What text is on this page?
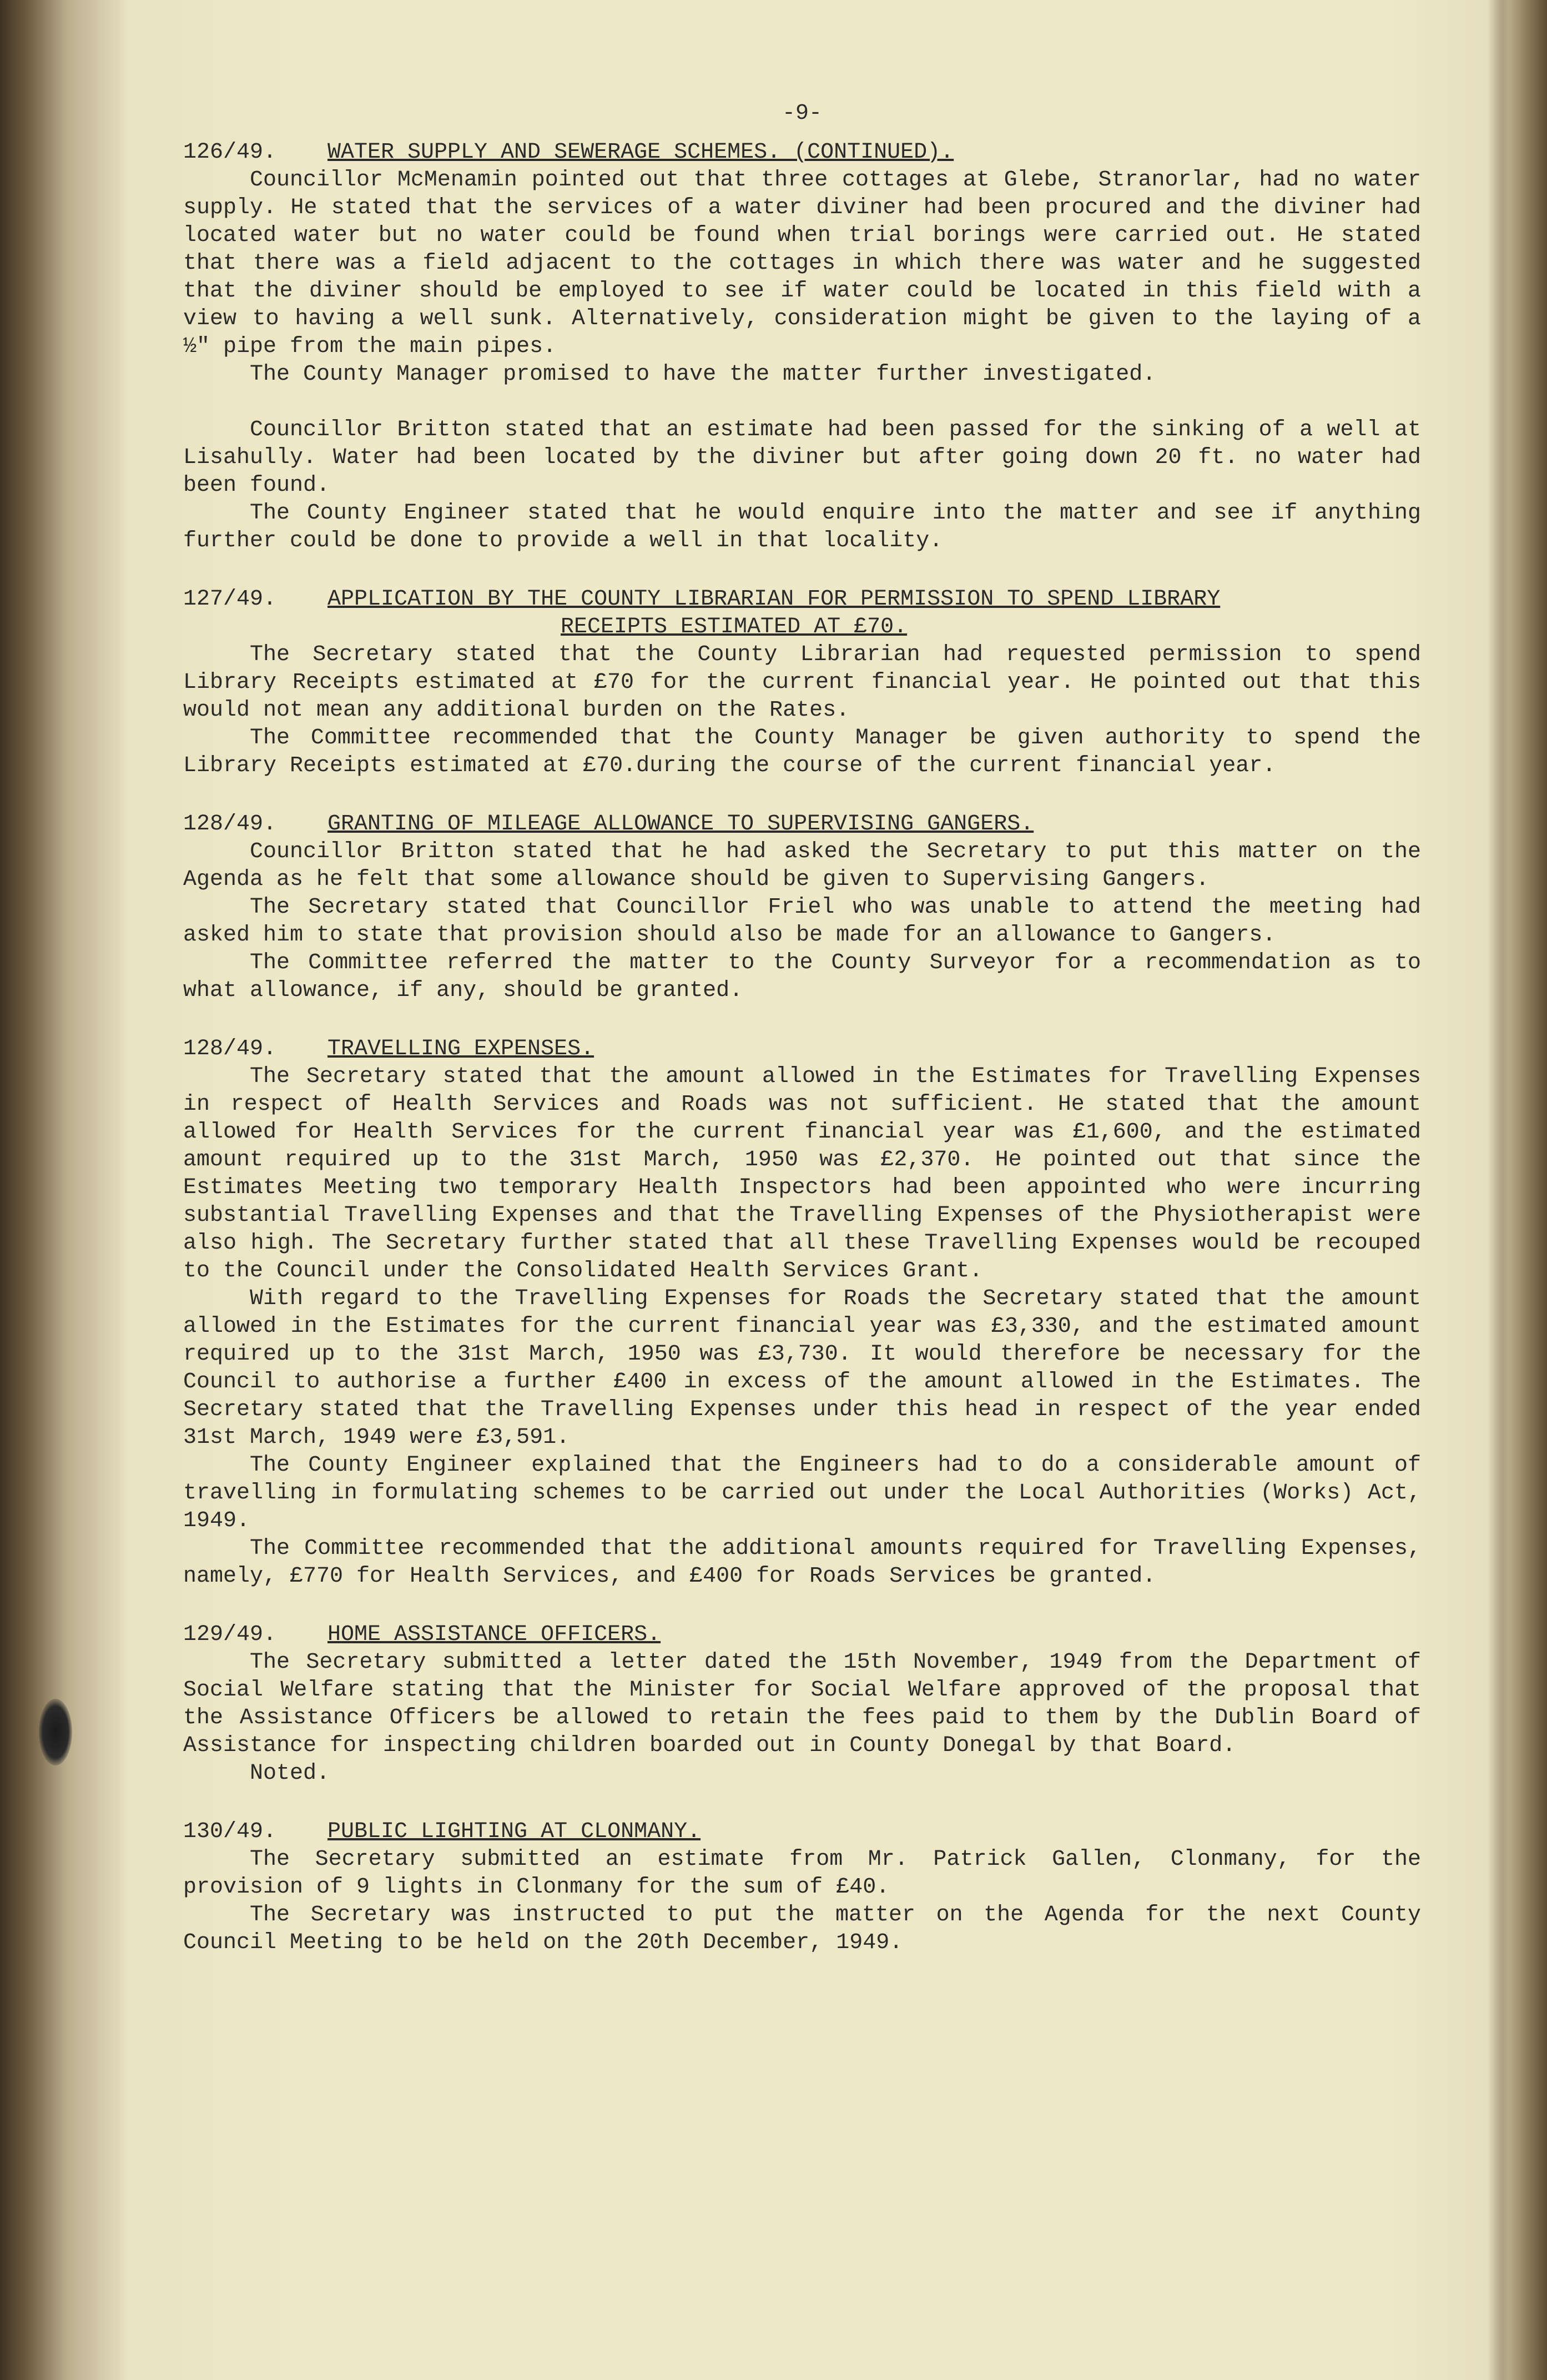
-9-
126/49.	WATER SUPPLY AND SEWERAGE SCHEMES. (CONTINUED).

Councillor McMenamin pointed out that three cottages at Glebe, Stranorlar, had no water supply. He stated that the services of a water diviner had been procured and the diviner had located water but no water could be found when trial borings were carried out. He stated that there was a field adjacent to the cottages in which there was water and he suggested that the diviner should be employed to see if water could be located in this field with a view to having a well sunk. Alternatively, consideration might be given to the laying of a ½" pipe from the main pipes.

The County Manager promised to have the matter further investigated.

Councillor Britton stated that an estimate had been passed for the sinking of a well at Lisahully. Water had been located by the diviner but after going down 20 ft. no water had been found.

The County Engineer stated that he would enquire into the matter and see if anything further could be done to provide a well in that locality.

127/49.	APPLICATION BY THE COUNTY LIBRARIAN FOR PERMISSION TO SPEND LIBRARY
RECEIPTS ESTIMATED AT £70.

The Secretary stated that the County Librarian had requested permission to spend Library Receipts estimated at £70 for the current financial year. He pointed out that this would not mean any additional burden on the Rates.

The Committee recommended that the County Manager be given authority to spend the Library Receipts estimated at £70.during the course of the current financial year.

128/49.	GRANTING OF MILEAGE ALLOWANCE TO SUPERVISING GANGERS.

Councillor Britton stated that he had asked the Secretary to put this matter on the Agenda as he felt that some allowance should be given to Supervising Gangers.

The Secretary stated that Councillor Friel who was unable to attend the meeting had asked him to state that provision should also be made for an allowance to Gangers.

The Committee referred the matter to the County Surveyor for a recommendation as to what allowance, if any, should be granted.

128/49.	TRAVELLING EXPENSES.

The Secretary stated that the amount allowed in the Estimates for Travelling Expenses in respect of Health Services and Roads was not sufficient. He stated that the amount allowed for Health Services for the current financial year was £1,600, and the estimated amount required up to the 31st March, 1950 was £2,370. He pointed out that since the Estimates Meeting two temporary Health Inspectors had been appointed who were incurring substantial Travelling Expenses and that the Travelling Expenses of the Physiotherapist were also high. The Secretary further stated that all these Travelling Expenses would be recouped to the Council under the Consolidated Health Services Grant.

With regard to the Travelling Expenses for Roads the Secretary stated that the amount allowed in the Estimates for the current financial year was £3,330, and the estimated amount required up to the 31st March, 1950 was £3,730. It would therefore be necessary for the Council to authorise a further £400 in excess of the amount allowed in the Estimates. The Secretary stated that the Travelling Expenses under this head in respect of the year ended 31st March, 1949 were £3,591.

The County Engineer explained that the Engineers had to do a considerable amount of travelling in formulating schemes to be carried out under the Local Authorities (Works) Act, 1949.

The Committee recommended that the additional amounts required for Travelling Expenses, namely, £770 for Health Services, and £400 for Roads Services be granted.

129/49.	HOME ASSISTANCE OFFICERS.

The Secretary submitted a letter dated the 15th November, 1949 from the Department of Social Welfare stating that the Minister for Social Welfare approved of the proposal that the Assistance Officers be allowed to retain the fees paid to them by the Dublin Board of Assistance for inspecting children boarded out in County Donegal by that Board.

Noted.

130/49.	PUBLIC LIGHTING AT CLONMANY.

The Secretary submitted an estimate from Mr. Patrick Gallen, Clonmany, for the provision of 9 lights in Clonmany for the sum of £40.

The Secretary was instructed to put the matter on the Agenda for the next County Council Meeting to be held on the 20th December, 1949.
